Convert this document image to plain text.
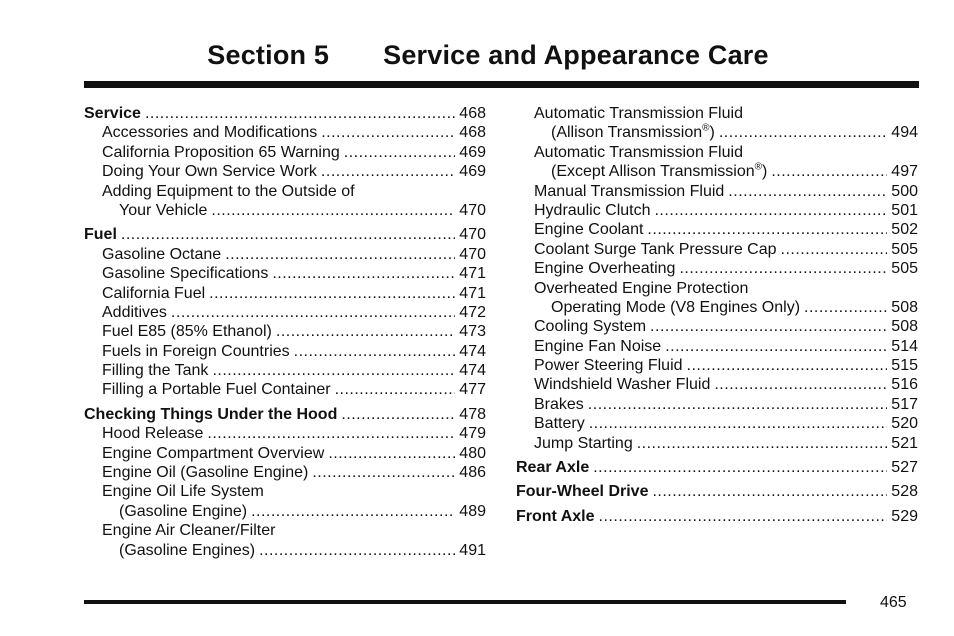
Section 5 Service and Appearance Care
Service .....	468
Accessories and Modifications .....	468
California Proposition 65 Warning .....	469
Doing Your Own Service Work .....	469
Adding Equipment to the Outside of
Your Vehicle .....	470
Fuel .....	470
Gasoline Octane .....	470
Gasoline Specifications .....	471
California Fuel .....	471
Additives .....	472
Fuel E85 (85% Ethanol) .....	473
Fuels in Foreign Countries .....	474
Filling the Tank .....	474
Filling a Portable Fuel Container .....	477
Checking Things Under the Hood .....	478
Hood Release .....	479
Engine Compartment Overview .....	480
Engine Oil (Gasoline Engine) .....	486
Engine Oil Life System
(Gasoline Engine) .....	489
Engine Air Cleaner/Filter
(Gasoline Engines) .....	491
Automatic Transmission Fluid
(Allison Transmission®) .....	494
Automatic Transmission Fluid
(Except Allison Transmission®) .....	497
Manual Transmission Fluid .....	500
Hydraulic Clutch .....	501
Engine Coolant .....	502
Coolant Surge Tank Pressure Cap .....	505
Engine Overheating .....	505
Overheated Engine Protection
Operating Mode (V8 Engines Only) .....	508
Cooling System .....	508
Engine Fan Noise .....	514
Power Steering Fluid .....	515
Windshield Washer Fluid .....	516
Brakes .....	517
Battery .....	520
Jump Starting .....	521
Rear Axle .....	527
Four-Wheel Drive .....	528
Front Axle .....	529
465
